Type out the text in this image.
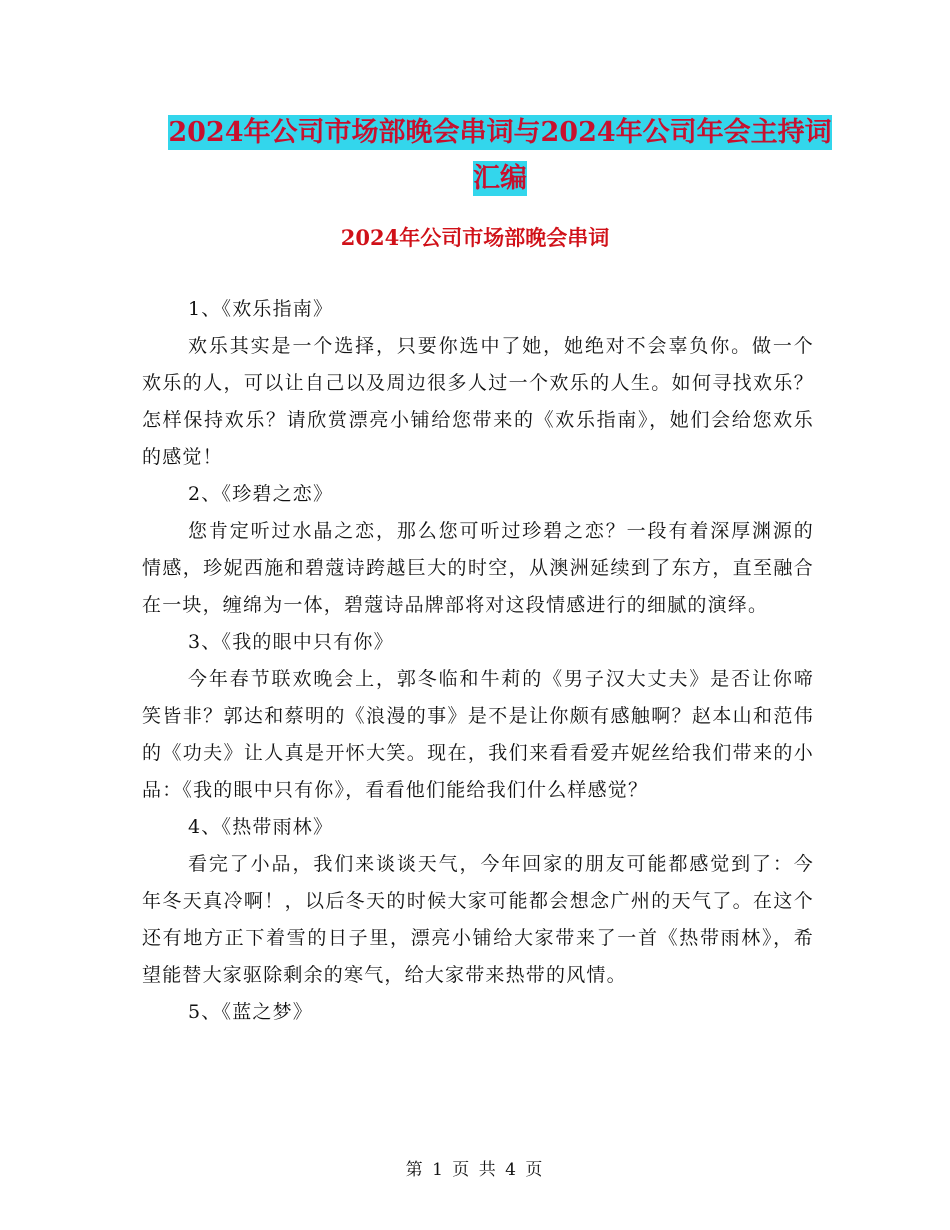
2024年公司市场部晚会串词与2024年公司年会主持词
汇编
2024年公司市场部晚会串词

1、《欢乐指南》

欢乐其实是一个选择，只要你选中了她，她绝对不会辜负你。做一个欢乐的人，可以让自己以及周边很多人过一个欢乐的人生。如何寻找欢乐？怎样保持欢乐？请欣赏漂亮小铺给您带来的《欢乐指南》，她们会给您欢乐的感觉！

2、《珍碧之恋》

您肯定听过水晶之恋，那么您可听过珍碧之恋？一段有着深厚渊源的情感，珍妮西施和碧蔻诗跨越巨大的时空，从澳洲延续到了东方，直至融合在一块，缠绵为一体，碧蔻诗品牌部将对这段情感进行的细腻的演绎。

3、《我的眼中只有你》

今年春节联欢晚会上，郭冬临和牛莉的《男子汉大丈夫》是否让你啼笑皆非？郭达和蔡明的《浪漫的事》是不是让你颇有感触啊？赵本山和范伟的《功夫》让人真是开怀大笑。现在，我们来看看爱卉妮丝给我们带来的小品：《我的眼中只有你》，看看他们能给我们什么样感觉？

4、《热带雨林》

看完了小品，我们来谈谈天气，今年回家的朋友可能都感觉到了：今年冬天真冷啊！，以后冬天的时候大家可能都会想念广州的天气了。在这个还有地方正下着雪的日子里，漂亮小铺给大家带来了一首《热带雨林》，希望能替大家驱除剩余的寒气，给大家带来热带的风情。

5、《蓝之梦》

第 1 页 共 4 页
